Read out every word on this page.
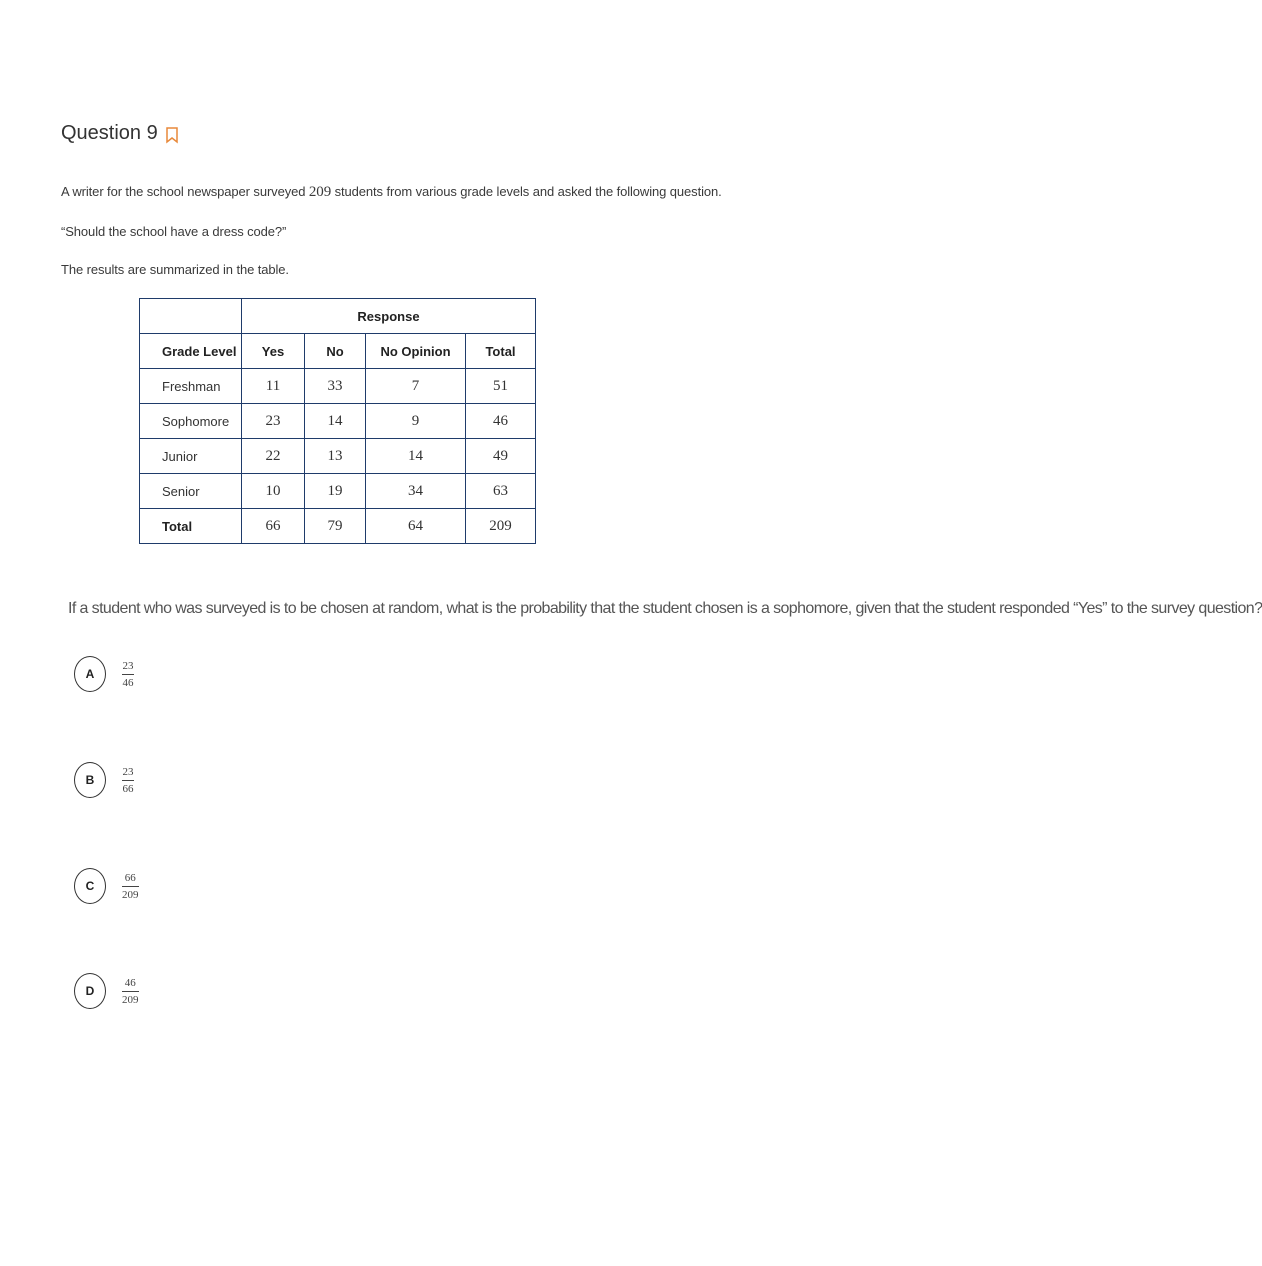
Question 9
A writer for the school newspaper surveyed 209 students from various grade levels and asked the following question.
“Should the school have a dress code?”
The results are summarized in the table.
	Response			
Grade Level	Yes	No	No Opinion	Total
Freshman	11	33	7	51
Sophomore	23	14	9	46
Junior	22	13	14	49
Senior	10	19	34	63
Total	66	79	64	209
If a student who was surveyed is to be chosen at random, what is the probability that the student chosen is a sophomore, given that the student responded “Yes” to the survey question?
A	$\frac{23}{46}$
B	$\frac{23}{66}$
C	$\frac{66}{209}$
D	$\frac{46}{209}$
